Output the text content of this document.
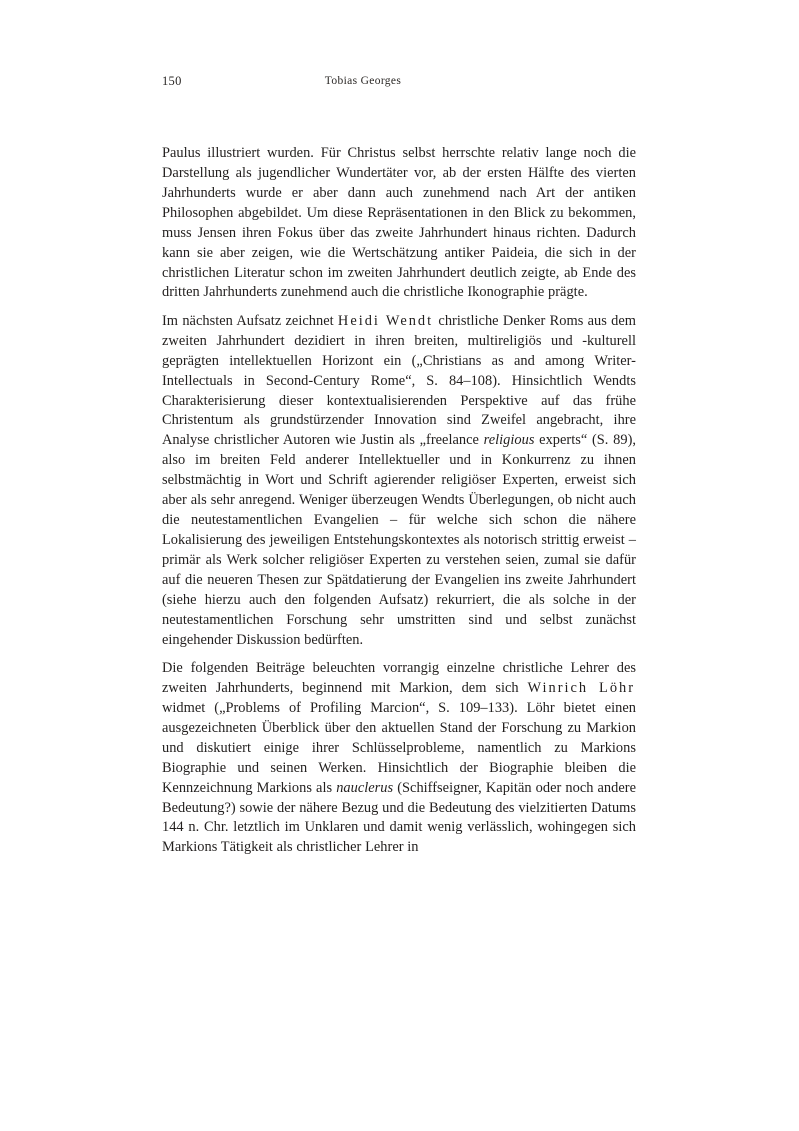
150	Tobias Georges

Paulus illustriert wurden. Für Christus selbst herrschte relativ lange noch die Darstellung als jugendlicher Wundertäter vor, ab der ersten Hälfte des vierten Jahrhunderts wurde er aber dann auch zunehmend nach Art der antiken Philosophen abgebildet. Um diese Repräsentationen in den Blick zu bekommen, muss Jensen ihren Fokus über das zweite Jahrhundert hinaus richten. Dadurch kann sie aber zeigen, wie die Wertschätzung antiker Paideia, die sich in der christlichen Literatur schon im zweiten Jahrhundert deutlich zeigte, ab Ende des dritten Jahrhunderts zunehmend auch die christliche Ikonographie prägte.

Im nächsten Aufsatz zeichnet Heidi Wendt christliche Denker Roms aus dem zweiten Jahrhundert dezidiert in ihren breiten, multireligiös und -kulturell geprägten intellektuellen Horizont ein („Christians as and among Writer-Intellectuals in Second-Century Rome“, S. 84–108). Hinsichtlich Wendts Charakterisierung dieser kontextualisierenden Perspektive auf das frühe Christentum als grundstürzender Innovation sind Zweifel angebracht, ihre Analyse christlicher Autoren wie Justin als „freelance religious experts“ (S. 89), also im breiten Feld anderer Intellektueller und in Konkurrenz zu ihnen selbstmächtig in Wort und Schrift agierender religiöser Experten, erweist sich aber als sehr anregend. Weniger überzeugen Wendts Überlegungen, ob nicht auch die neutestamentlichen Evangelien – für welche sich schon die nähere Lokalisierung des jeweiligen Entstehungskontextes als notorisch strittig erweist – primär als Werk solcher religiöser Experten zu verstehen seien, zumal sie dafür auf die neueren Thesen zur Spätdatierung der Evangelien ins zweite Jahrhundert (siehe hierzu auch den folgenden Aufsatz) rekurriert, die als solche in der neutestamentlichen Forschung sehr umstritten sind und selbst zunächst eingehender Diskussion bedürften.

Die folgenden Beiträge beleuchten vorrangig einzelne christliche Lehrer des zweiten Jahrhunderts, beginnend mit Markion, dem sich Winrich Löhr widmet („Problems of Profiling Marcion“, S. 109–133). Löhr bietet einen ausgezeichneten Überblick über den aktuellen Stand der Forschung zu Markion und diskutiert einige ihrer Schlüsselprobleme, namentlich zu Markions Biographie und seinen Werken. Hinsichtlich der Biographie bleiben die Kennzeichnung Markions als nauclerus (Schiffseigner, Kapitän oder noch andere Bedeutung?) sowie der nähere Bezug und die Bedeutung des vielzitierten Datums 144 n. Chr. letztlich im Unklaren und damit wenig verlässlich, wohingegen sich Markions Tätigkeit als christlicher Lehrer in
